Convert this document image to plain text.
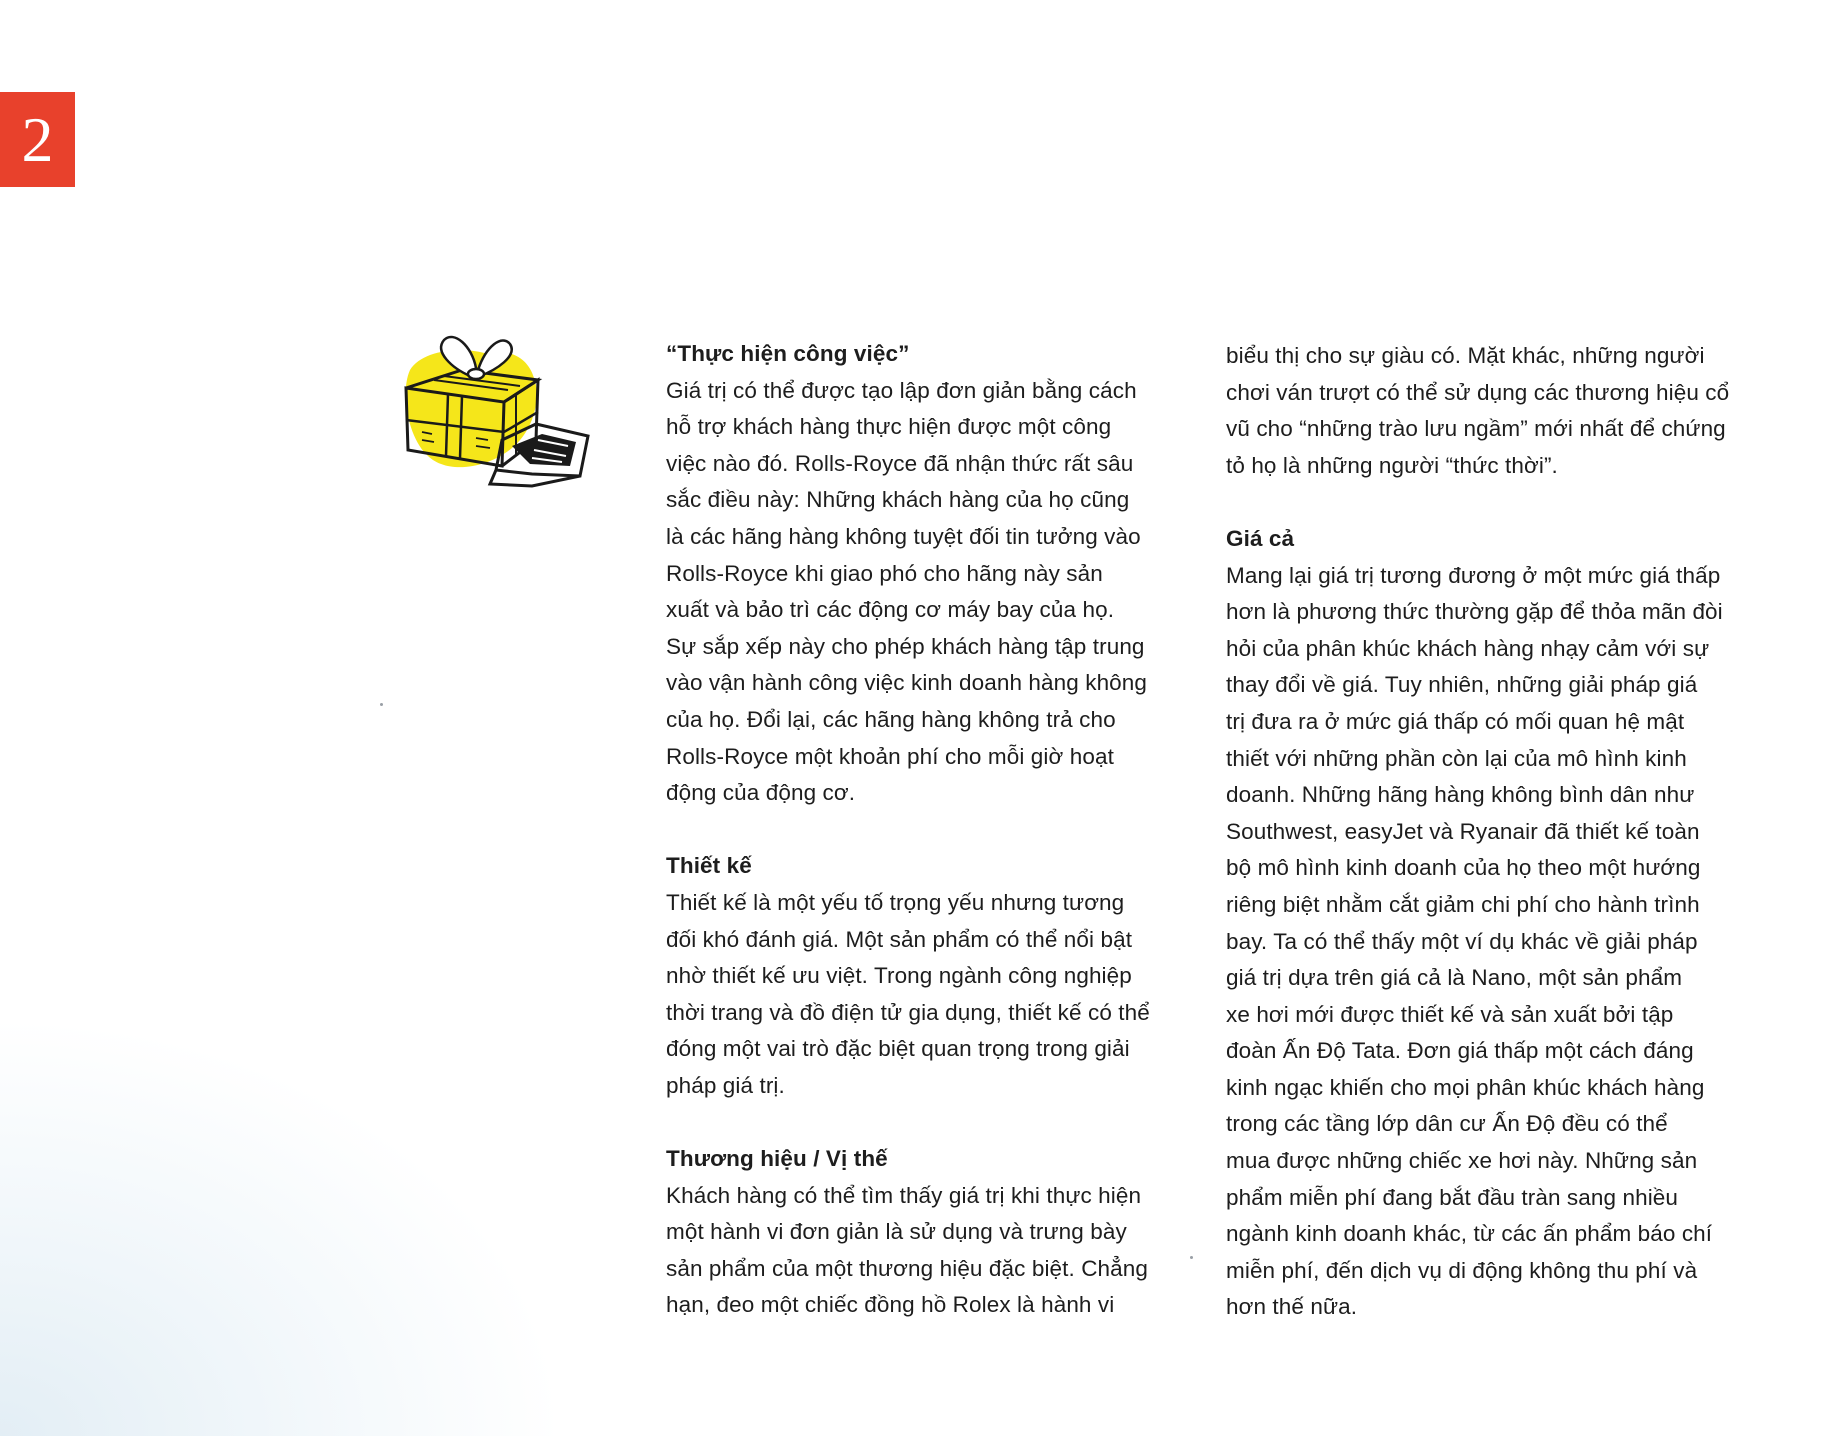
2
“Thực hiện công việc”

Giá trị có thể được tạo lập đơn giản bằng cách
hỗ trợ khách hàng thực hiện được một công
việc nào đó. Rolls-Royce đã nhận thức rất sâu
sắc điều này: Những khách hàng của họ cũng
là các hãng hàng không tuyệt đối tin tưởng vào
Rolls-Royce khi giao phó cho hãng này sản
xuất và bảo trì các động cơ máy bay của họ.
Sự sắp xếp này cho phép khách hàng tập trung
vào vận hành công việc kinh doanh hàng không
của họ. Đổi lại, các hãng hàng không trả cho
Rolls-Royce một khoản phí cho mỗi giờ hoạt
động của động cơ.

Thiết kế

Thiết kế là một yếu tố trọng yếu nhưng tương
đối khó đánh giá. Một sản phẩm có thể nổi bật
nhờ thiết kế ưu việt. Trong ngành công nghiệp
thời trang và đồ điện tử gia dụng, thiết kế có thể
đóng một vai trò đặc biệt quan trọng trong giải
pháp giá trị.

Thương hiệu / Vị thế

Khách hàng có thể tìm thấy giá trị khi thực hiện
một hành vi đơn giản là sử dụng và trưng bày
sản phẩm của một thương hiệu đặc biệt. Chẳng
hạn, đeo một chiếc đồng hồ Rolex là hành vi

biểu thị cho sự giàu có. Mặt khác, những người
chơi ván trượt có thể sử dụng các thương hiệu cổ
vũ cho “những trào lưu ngầm” mới nhất để chứng
tỏ họ là những người “thức thời”.

Giá cả

Mang lại giá trị tương đương ở một mức giá thấp
hơn là phương thức thường gặp để thỏa mãn đòi
hỏi của phân khúc khách hàng nhạy cảm với sự
thay đổi về giá. Tuy nhiên, những giải pháp giá
trị đưa ra ở mức giá thấp có mối quan hệ mật
thiết với những phần còn lại của mô hình kinh
doanh. Những hãng hàng không bình dân như
Southwest, easyJet và Ryanair đã thiết kế toàn
bộ mô hình kinh doanh của họ theo một hướng
riêng biệt nhằm cắt giảm chi phí cho hành trình
bay. Ta có thể thấy một ví dụ khác về giải pháp
giá trị dựa trên giá cả là Nano, một sản phẩm
xe hơi mới được thiết kế và sản xuất bởi tập
đoàn Ấn Độ Tata. Đơn giá thấp một cách đáng
kinh ngạc khiến cho mọi phân khúc khách hàng
trong các tầng lớp dân cư Ấn Độ đều có thể
mua được những chiếc xe hơi này. Những sản
phẩm miễn phí đang bắt đầu tràn sang nhiều
ngành kinh doanh khác, từ các ấn phẩm báo chí
miễn phí, đến dịch vụ di động không thu phí và
hơn thế nữa.
